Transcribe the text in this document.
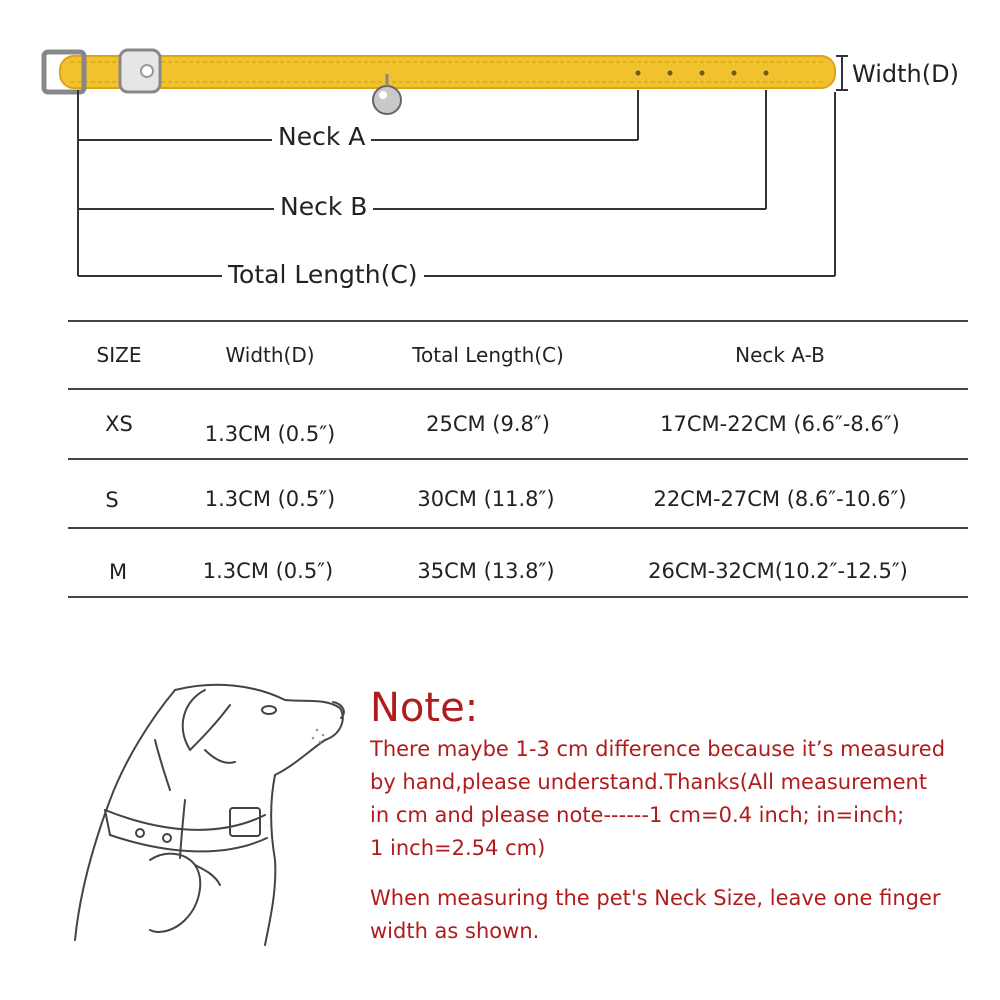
Width(D)
Neck A
Neck B
Total Length(C)
SIZE	Width(D)	Total Length(C)	Neck A-B
XS	1.3CM (0.5″)	25CM (9.8″)	17CM-22CM (6.6″-8.6″)
S	1.3CM (0.5″)	30CM (11.8″)	22CM-27CM (8.6″-10.6″)
M	1.3CM (0.5″)	35CM (13.8″)	26CM-32CM(10.2″-12.5″)
Note:
There maybe 1-3 cm difference because it’s measured
by hand,please understand.Thanks(All measurement
in cm and please note------1 cm=0.4 inch; in=inch;
1 inch=2.54 cm)
When measuring the pet's Neck Size, leave one finger
width as shown.
